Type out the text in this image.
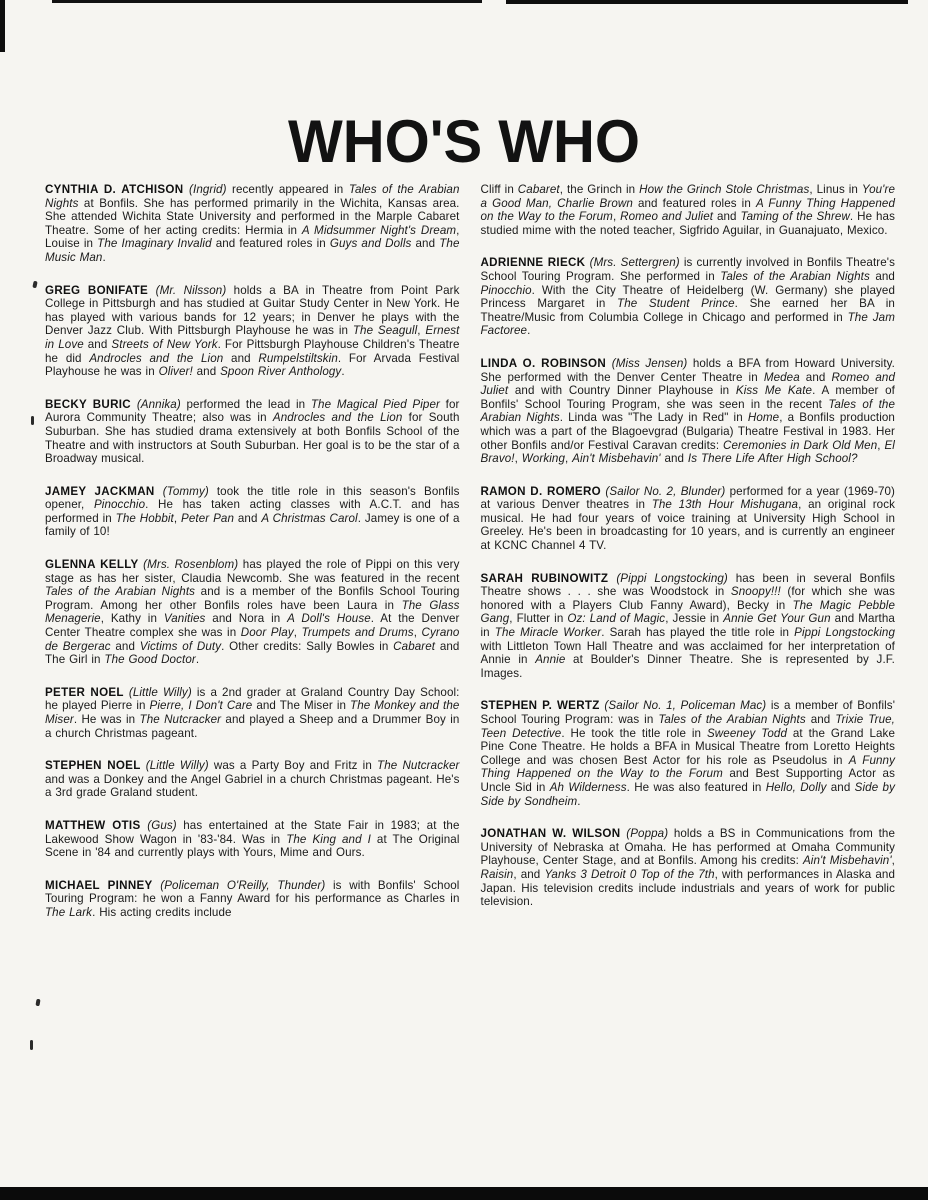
WHO'S WHO

CYNTHIA D. ATCHISON (Ingrid) recently appeared in Tales of the Arabian Nights at Bonfils. She has performed primarily in the Wichita, Kansas area. She attended Wichita State University and performed in the Marple Cabaret Theatre. Some of her acting credits: Hermia in A Midsummer Night's Dream, Louise in The Imaginary Invalid and featured roles in Guys and Dolls and The Music Man.

GREG BONIFATE (Mr. Nilsson) holds a BA in Theatre from Point Park College in Pittsburgh and has studied at Guitar Study Center in New York. He has played with various bands for 12 years; in Denver he plays with the Denver Jazz Club. With Pittsburgh Playhouse he was in The Seagull, Ernest in Love and Streets of New York. For Pittsburgh Playhouse Children's Theatre he did Androcles and the Lion and Rumpelstiltskin. For Arvada Festival Playhouse he was in Oliver! and Spoon River Anthology.

BECKY BURIC (Annika) performed the lead in The Magical Pied Piper for Aurora Community Theatre; also was in Androcles and the Lion for South Suburban. She has studied drama extensively at both Bonfils School of the Theatre and with instructors at South Suburban. Her goal is to be the star of a Broadway musical.

JAMEY JACKMAN (Tommy) took the title role in this season's Bonfils opener, Pinocchio. He has taken acting classes with A.C.T. and has performed in The Hobbit, Peter Pan and A Christmas Carol. Jamey is one of a family of 10!

GLENNA KELLY (Mrs. Rosenblom) has played the role of Pippi on this very stage as has her sister, Claudia Newcomb. She was featured in the recent Tales of the Arabian Nights and is a member of the Bonfils School Touring Program. Among her other Bonfils roles have been Laura in The Glass Menagerie, Kathy in Vanities and Nora in A Doll's House. At the Denver Center Theatre complex she was in Door Play, Trumpets and Drums, Cyrano de Bergerac and Victims of Duty. Other credits: Sally Bowles in Cabaret and The Girl in The Good Doctor.

PETER NOEL (Little Willy) is a 2nd grader at Graland Country Day School: he played Pierre in Pierre, I Don't Care and The Miser in The Monkey and the Miser. He was in The Nutcracker and played a Sheep and a Drummer Boy in a church Christmas pageant.

STEPHEN NOEL (Little Willy) was a Party Boy and Fritz in The Nutcracker and was a Donkey and the Angel Gabriel in a church Christmas pageant. He's a 3rd grade Graland student.

MATTHEW OTIS (Gus) has entertained at the State Fair in 1983; at the Lakewood Show Wagon in '83-'84. Was in The King and I at The Original Scene in '84 and currently plays with Yours, Mime and Ours.

MICHAEL PINNEY (Policeman O'Reilly, Thunder) is with Bonfils' School Touring Program: he won a Fanny Award for his performance as Charles in The Lark. His acting credits include

Cliff in Cabaret, the Grinch in How the Grinch Stole Christmas, Linus in You're a Good Man, Charlie Brown and featured roles in A Funny Thing Happened on the Way to the Forum, Romeo and Juliet and Taming of the Shrew. He has studied mime with the noted teacher, Sigfrido Aguilar, in Guanajuato, Mexico.

ADRIENNE RIECK (Mrs. Settergren) is currently involved in Bonfils Theatre's School Touring Program. She performed in Tales of the Arabian Nights and Pinocchio. With the City Theatre of Heidelberg (W. Germany) she played Princess Margaret in The Student Prince. She earned her BA in Theatre/Music from Columbia College in Chicago and performed in The Jam Factoree.

LINDA O. ROBINSON (Miss Jensen) holds a BFA from Howard University. She performed with the Denver Center Theatre in Medea and Romeo and Juliet and with Country Dinner Playhouse in Kiss Me Kate. A member of Bonfils' School Touring Program, she was seen in the recent Tales of the Arabian Nights. Linda was "The Lady in Red" in Home, a Bonfils production which was a part of the Blagoevgrad (Bulgaria) Theatre Festival in 1983. Her other Bonfils and/or Festival Caravan credits: Ceremonies in Dark Old Men, El Bravo!, Working, Ain't Misbehavin' and Is There Life After High School?

RAMON D. ROMERO (Sailor No. 2, Blunder) performed for a year (1969-70) at various Denver theatres in The 13th Hour Mishugana, an original rock musical. He had four years of voice training at University High School in Greeley. He's been in broadcasting for 10 years, and is currently an engineer at KCNC Channel 4 TV.

SARAH RUBINOWITZ (Pippi Longstocking) has been in several Bonfils Theatre shows . . . she was Woodstock in Snoopy!!! (for which she was honored with a Players Club Fanny Award), Becky in The Magic Pebble Gang, Flutter in Oz: Land of Magic, Jessie in Annie Get Your Gun and Martha in The Miracle Worker. Sarah has played the title role in Pippi Longstocking with Littleton Town Hall Theatre and was acclaimed for her interpretation of Annie in Annie at Boulder's Dinner Theatre. She is represented by J.F. Images.

STEPHEN P. WERTZ (Sailor No. 1, Policeman Mac) is a member of Bonfils' School Touring Program: was in Tales of the Arabian Nights and Trixie True, Teen Detective. He took the title role in Sweeney Todd at the Grand Lake Pine Cone Theatre. He holds a BFA in Musical Theatre from Loretto Heights College and was chosen Best Actor for his role as Pseudolus in A Funny Thing Happened on the Way to the Forum and Best Supporting Actor as Uncle Sid in Ah Wilderness. He was also featured in Hello, Dolly and Side by Side by Sondheim.

JONATHAN W. WILSON (Poppa) holds a BS in Communications from the University of Nebraska at Omaha. He has performed at Omaha Community Playhouse, Center Stage, and at Bonfils. Among his credits: Ain't Misbehavin', Raisin, and Yanks 3 Detroit 0 Top of the 7th, with performances in Alaska and Japan. His television credits include industrials and years of work for public television.
